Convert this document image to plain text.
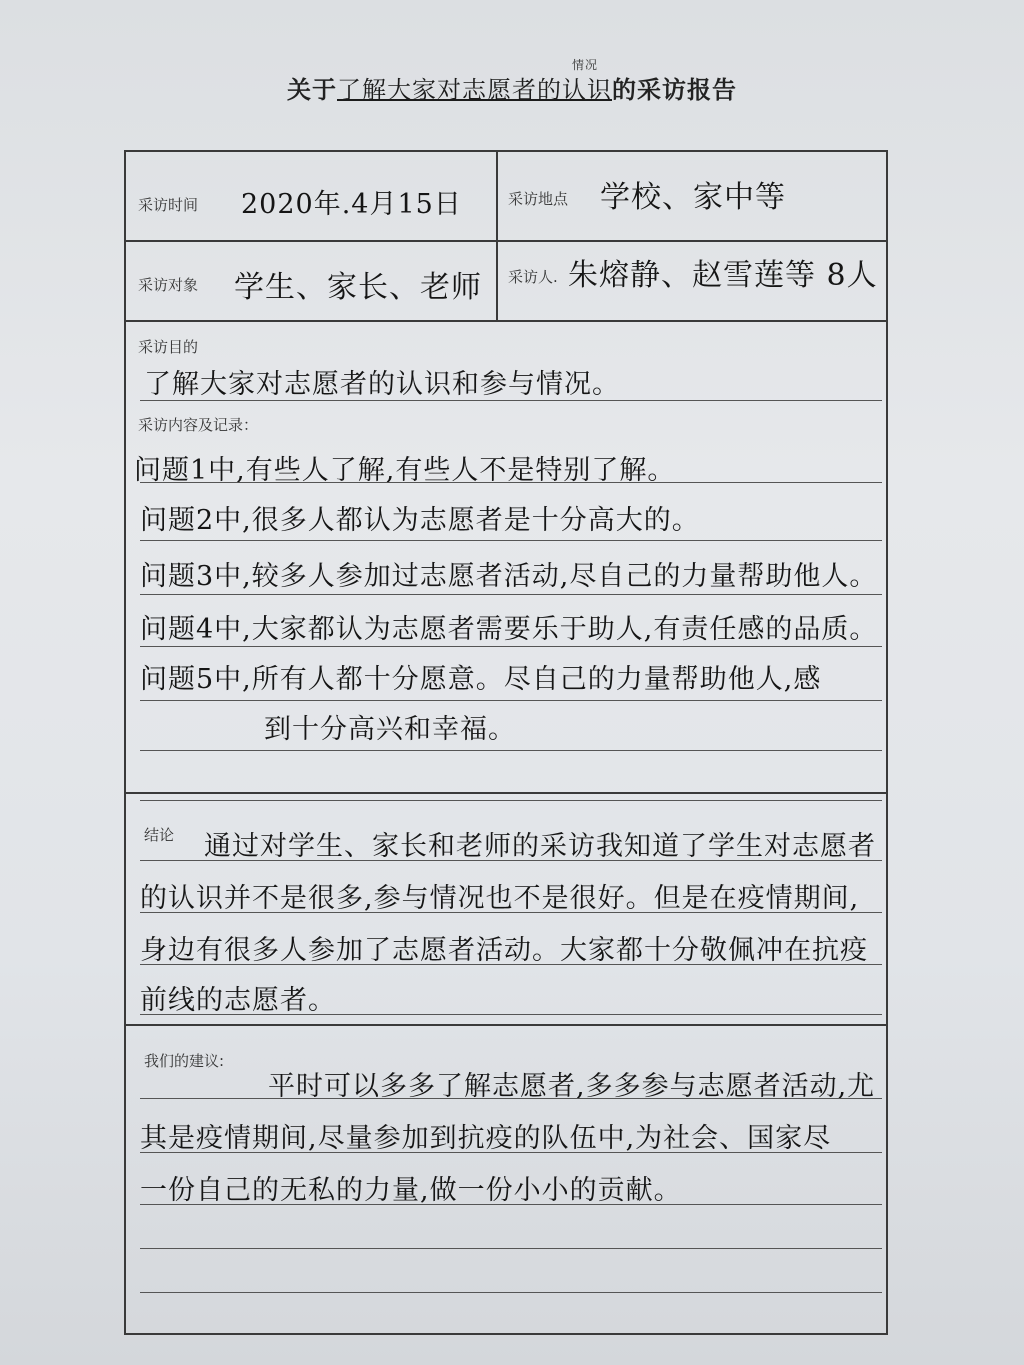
关于了解大家对志愿者的认识
情况
的采访报告
采访时间 2020年.4月15日	采访地点 学校、家中等
采访对象 学生、家长、老师 采访人. 朱熔静、赵雪莲等 8人
采访目的
了解大家对志愿者的认识和参与情况。
采访内容及记录：
问题1中,有些人了解,有些人不是特别了解。
问题2中,很多人都认为志愿者是十分高大的。
问题3中,较多人参加过志愿者活动,尽自己的力量帮助他人。
问题4中,大家都认为志愿者需要乐于助人,有责任感的品质。
问题5中,所有人都十分愿意。尽自己的力量帮助他人,感
到十分高兴和幸福。
结论 通过对学生、家长和老师的采访我知道了学生对志愿者
的认识并不是很多,参与情况也不是很好。但是在疫情期间,
身边有很多人参加了志愿者活动。大家都十分敬佩冲在抗疫
前线的志愿者。
我们的建议:
平时可以多多了解志愿者,多多参与志愿者活动,尤
其是疫情期间,尽量参加到抗疫的队伍中,为社会、国家尽
一份自己的无私的力量,做一份小小的贡献。
